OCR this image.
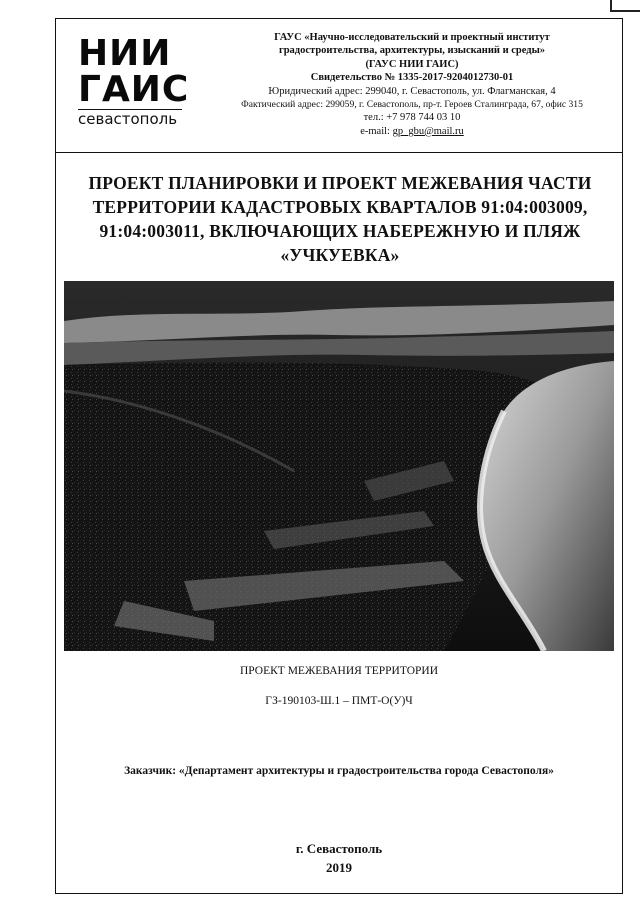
НИИ
ГАИС
севастополь
ГАУС «Научно-исследовательский и проектный институт
градостроительства, архитектуры, изысканий и среды»
(ГАУС НИИ ГАИС)
Свидетельство № 1335-2017-9204012730-01
Юридический адрес: 299040, г. Севастополь, ул. Флагманская, 4
Фактический адрес: 299059, г. Севастополь, пр-т. Героев Сталинграда, 67, офис 315
тел.: +7 978 744 03 10
e-mail: gp_gbu@mail.ru
ПРОЕКТ ПЛАНИРОВКИ И ПРОЕКТ МЕЖЕВАНИЯ ЧАСТИ
ТЕРРИТОРИИ КАДАСТРОВЫХ КВАРТАЛОВ 91:04:003009,
91:04:003011, ВКЛЮЧАЮЩИХ НАБЕРЕЖНУЮ И ПЛЯЖ
«УЧКУЕВКА»
ПРОЕКТ МЕЖЕВАНИЯ ТЕРРИТОРИИ
ГЗ-190103-Ш.1 – ПМТ-О(У)Ч
Заказчик: «Департамент архитектуры и градостроительства города Севастополя»
г. Севастополь
2019
